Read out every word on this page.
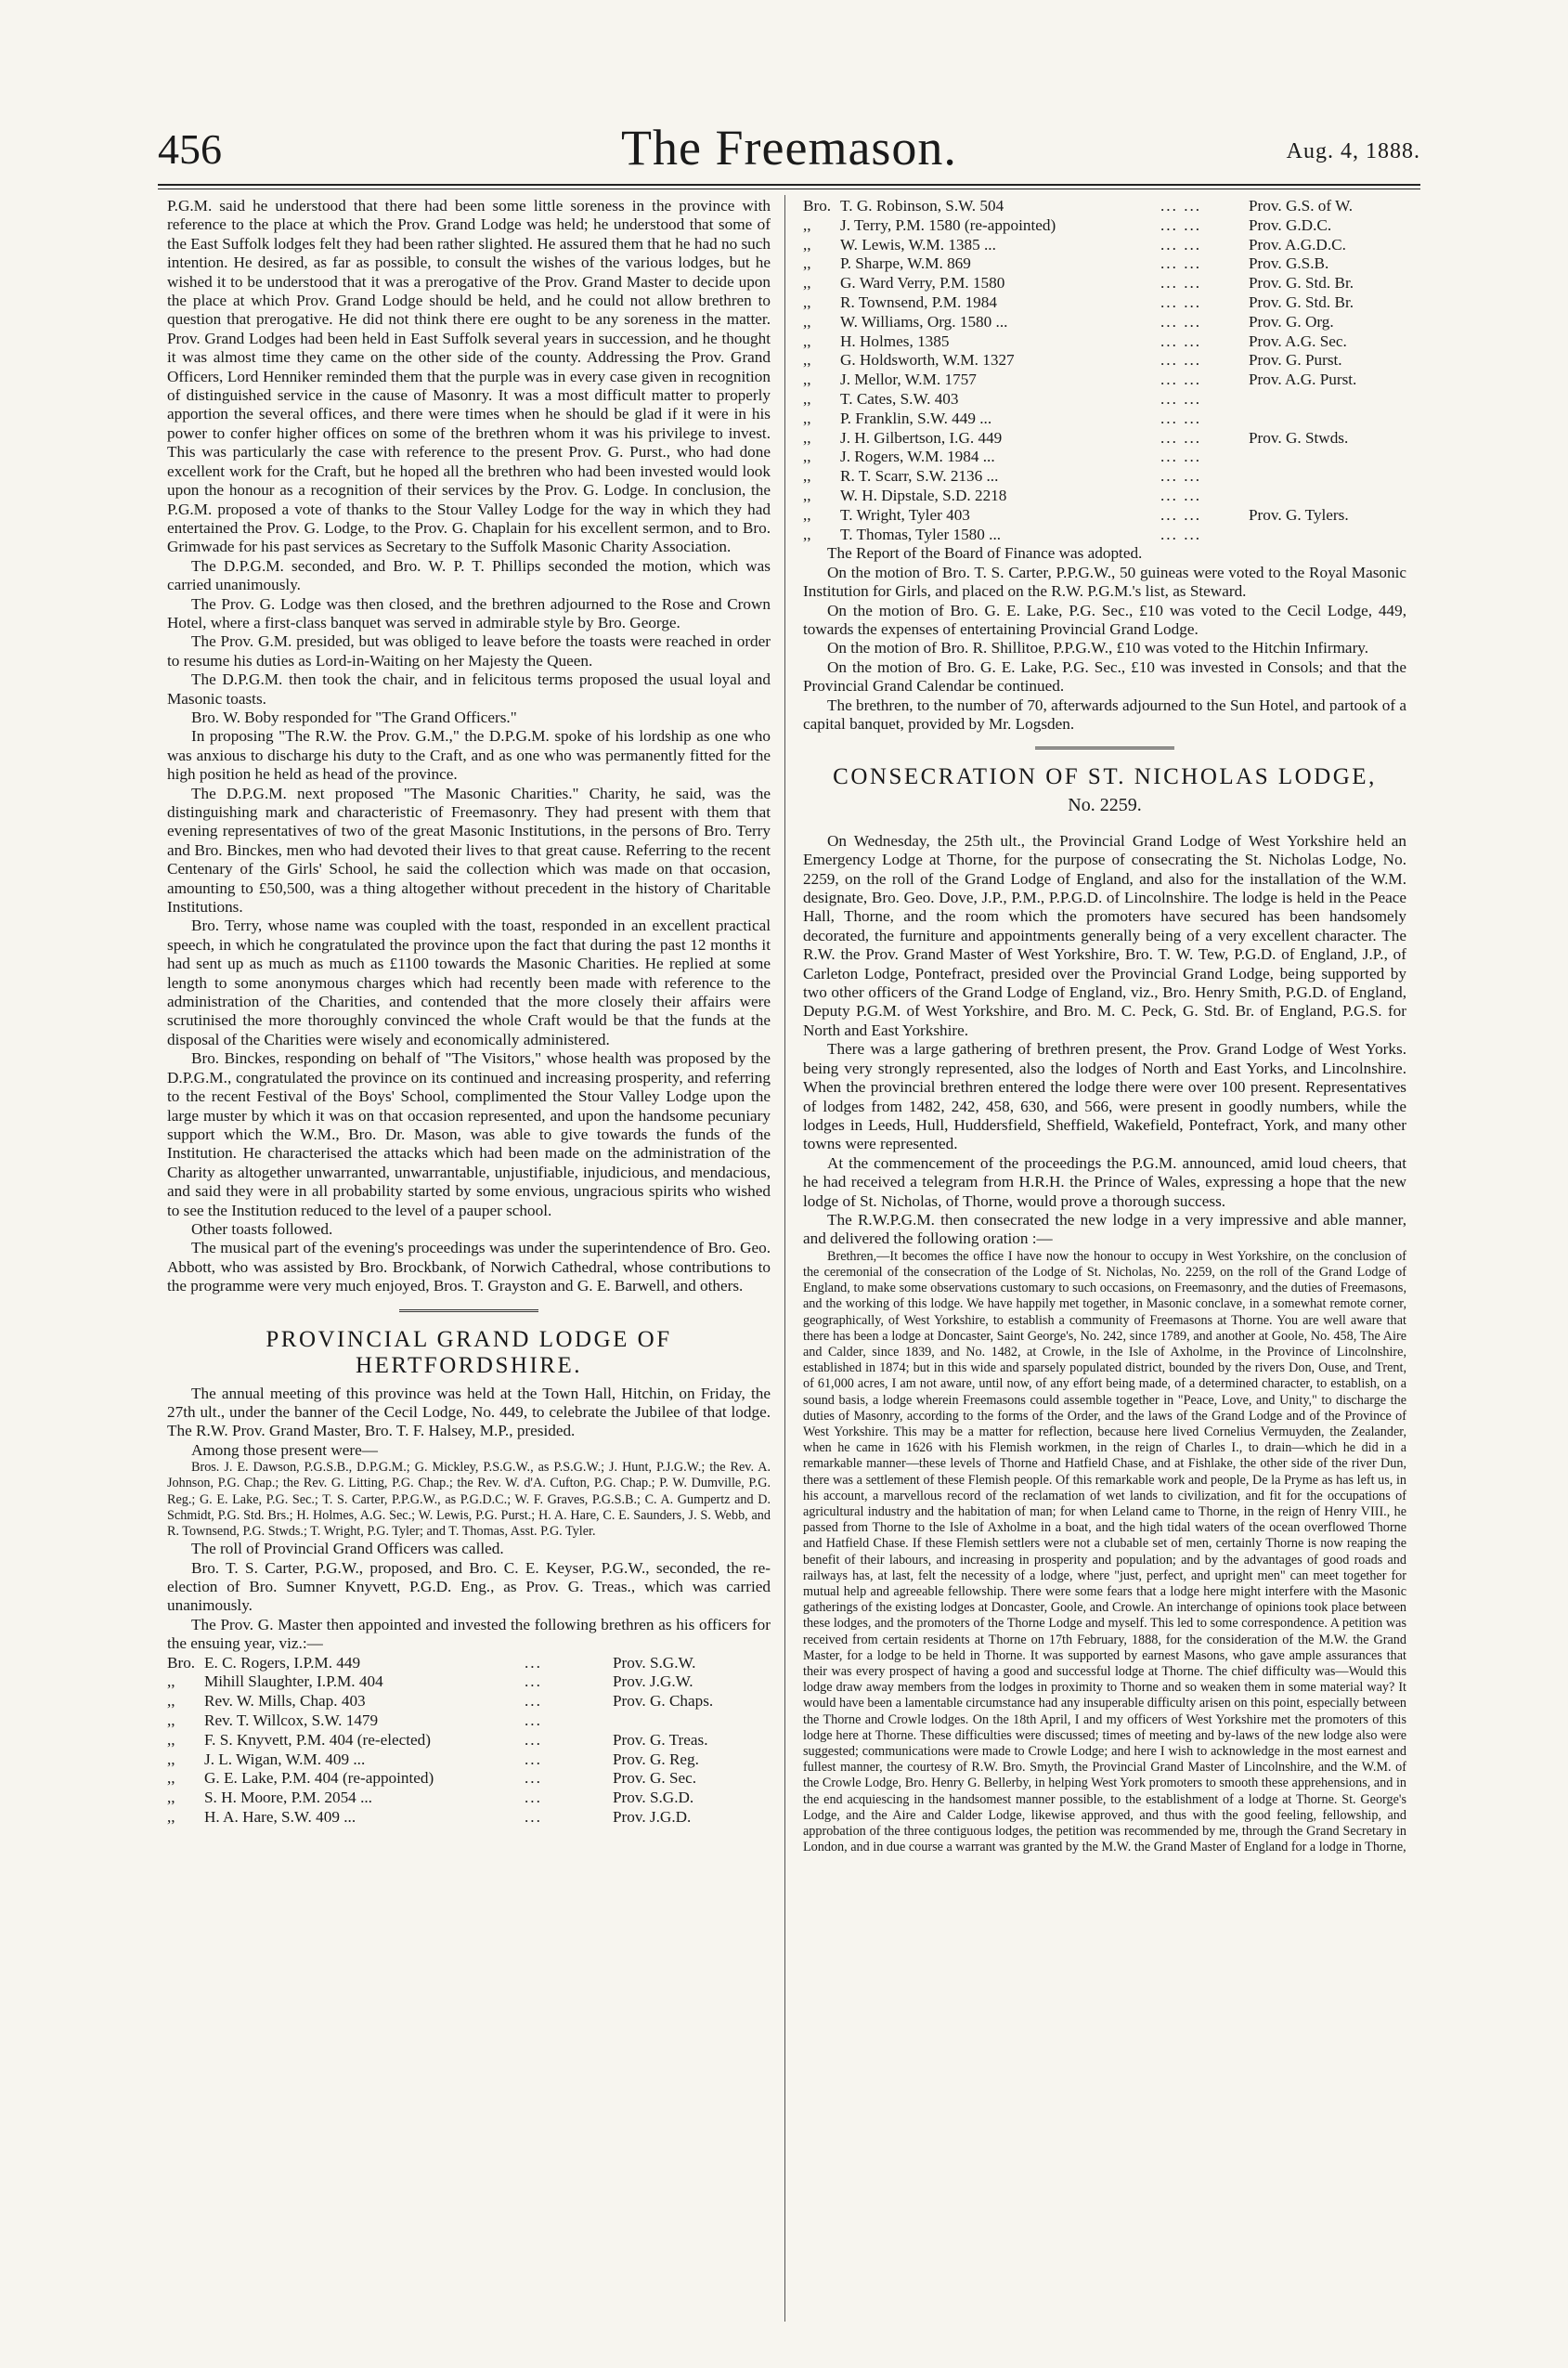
456	The Freemason.	Aug. 4, 1888.

P.G.M. said he understood that there had been some little soreness in the province with reference to the place at which the Prov. Grand Lodge was held; he understood that some of the East Suffolk lodges felt they had been rather slighted. He assured them that he had no such intention. He desired, as far as possible, to consult the wishes of the various lodges, but he wished it to be understood that it was a prerogative of the Prov. Grand Master to decide upon the place at which Prov. Grand Lodge should be held, and he could not allow brethren to question that prerogative. He did not think there ere ought to be any soreness in the matter. Prov. Grand Lodges had been held in East Suffolk several years in succession, and he thought it was almost time they came on the other side of the county. Addressing the Prov. Grand Officers, Lord Henniker reminded them that the purple was in every case given in recognition of distinguished service in the cause of Masonry. It was a most difficult matter to properly apportion the several offices, and there were times when he should be glad if it were in his power to confer higher offices on some of the brethren whom it was his privilege to invest. This was particularly the case with reference to the present Prov. G. Purst., who had done excellent work for the Craft, but he hoped all the brethren who had been invested would look upon the honour as a recognition of their services by the Prov. G. Lodge. In conclusion, the P.G.M. proposed a vote of thanks to the Stour Valley Lodge for the way in which they had entertained the Prov. G. Lodge, to the Prov. G. Chaplain for his excellent sermon, and to Bro. Grimwade for his past services as Secretary to the Suffolk Masonic Charity Association.

The D.P.G.M. seconded, and Bro. W. P. T. Phillips seconded the motion, which was carried unanimously.

The Prov. G. Lodge was then closed, and the brethren adjourned to the Rose and Crown Hotel, where a first-class banquet was served in admirable style by Bro. George.

The Prov. G.M. presided, but was obliged to leave before the toasts were reached in order to resume his duties as Lord-in-Waiting on her Majesty the Queen.

The D.P.G.M. then took the chair, and in felicitous terms proposed the usual loyal and Masonic toasts.

Bro. W. Boby responded for "The Grand Officers."

In proposing "The R.W. the Prov. G.M.," the D.P.G.M. spoke of his lordship as one who was anxious to discharge his duty to the Craft, and as one who was permanently fitted for the high position he held as head of the province.

The D.P.G.M. next proposed "The Masonic Charities." Charity, he said, was the distinguishing mark and characteristic of Freemasonry. They had present with them that evening representatives of two of the great Masonic Institutions, in the persons of Bro. Terry and Bro. Binckes, men who had devoted their lives to that great cause. Referring to the recent Centenary of the Girls' School, he said the collection which was made on that occasion, amounting to £50,500, was a thing altogether without precedent in the history of Charitable Institutions.

Bro. Terry, whose name was coupled with the toast, responded in an excellent practical speech, in which he congratulated the province upon the fact that during the past 12 months it had sent up as much as much as £1100 towards the Masonic Charities. He replied at some length to some anonymous charges which had recently been made with reference to the administration of the Charities, and contended that the more closely their affairs were scrutinised the more thoroughly convinced the whole Craft would be that the funds at the disposal of the Charities were wisely and economically administered.

Bro. Binckes, responding on behalf of "The Visitors," whose health was proposed by the D.P.G.M., congratulated the province on its continued and increasing prosperity, and referring to the recent Festival of the Boys' School, complimented the Stour Valley Lodge upon the large muster by which it was on that occasion represented, and upon the handsome pecuniary support which the W.M., Bro. Dr. Mason, was able to give towards the funds of the Institution. He characterised the attacks which had been made on the administration of the Charity as altogether unwarranted, unwarrantable, unjustifiable, injudicious, and mendacious, and said they were in all probability started by some envious, ungracious spirits who wished to see the Institution reduced to the level of a pauper school.

Other toasts followed.

The musical part of the evening's proceedings was under the superintendence of Bro. Geo. Abbott, who was assisted by Bro. Brockbank, of Norwich Cathedral, whose contributions to the programme were very much enjoyed, Bros. T. Grayston and G. E. Barwell, and others.

PROVINCIAL GRAND LODGE OF HERTFORDSHIRE.

The annual meeting of this province was held at the Town Hall, Hitchin, on Friday, the 27th ult., under the banner of the Cecil Lodge, No. 449, to celebrate the Jubilee of that lodge. The R.W. Prov. Grand Master, Bro. T. F. Halsey, M.P., presided.

Among those present were—

Bros. J. E. Dawson, P.G.S.B., D.P.G.M.; G. Mickley, P.S.G.W., as P.S.G.W.; J. Hunt, P.J.G.W.; the Rev. A. Johnson, P.G. Chap.; the Rev. G. Litting, P.G. Chap.; the Rev. W. d'A. Cufton, P.G. Chap.; P. W. Dumville, P.G. Reg.; G. E. Lake, P.G. Sec.; T. S. Carter, P.P.G.W., as P.G.D.C.; W. F. Graves, P.G.S.B.; C. A. Gumpertz and D. Schmidt, P.G. Std. Brs.; H. Holmes, A.G. Sec.; W. Lewis, P.G. Purst.; H. A. Hare, C. E. Saunders, J. S. Webb, and R. Townsend, P.G. Stwds.; T. Wright, P.G. Tyler; and T. Thomas, Asst. P.G. Tyler.

The roll of Provincial Grand Officers was called.

Bro. T. S. Carter, P.G.W., proposed, and Bro. C. E. Keyser, P.G.W., seconded, the re-election of Bro. Sumner Knyvett, P.G.D. Eng., as Prov. G. Treas., which was carried unanimously.

The Prov. G. Master then appointed and invested the following brethren as his officers for the ensuing year, viz.:—

Bro.	E. C. Rogers, I.P.M. 449	...	Prov. S.G.W.
,,	Mihill Slaughter, I.P.M. 404	...	Prov. J.G.W.
,,	Rev. W. Mills, Chap. 403	...	Prov. G. Chaps.
,,	Rev. T. Willcox, S.W. 1479	...	
,,	F. S. Knyvett, P.M. 404 (re-elected)	...	Prov. G. Treas.
,,	J. L. Wigan, W.M. 409 ...	...	Prov. G. Reg.
,,	G. E. Lake, P.M. 404 (re-appointed)	...	Prov. G. Sec.
,,	S. H. Moore, P.M. 2054 ...	...	Prov. S.G.D.
,,	H. A. Hare, S.W. 409 ...	...	Prov. J.G.D.
Bro.	T. G. Robinson, S.W. 504	... ...	Prov. G.S. of W.
,,	J. Terry, P.M. 1580 (re-appointed)	... ...	Prov. G.D.C.
,,	W. Lewis, W.M. 1385 ...	... ...	Prov. A.G.D.C.
,,	P. Sharpe, W.M. 869	... ...	Prov. G.S.B.
,,	G. Ward Verry, P.M. 1580	... ...	Prov. G. Std. Br.
,,	R. Townsend, P.M. 1984	... ...	Prov. G. Std. Br.
,,	W. Williams, Org. 1580 ...	... ...	Prov. G. Org.
,,	H. Holmes, 1385	... ...	Prov. A.G. Sec.
,,	G. Holdsworth, W.M. 1327	... ...	Prov. G. Purst.
,,	J. Mellor, W.M. 1757	... ...	Prov. A.G. Purst.
,,	T. Cates, S.W. 403	... ...	
,,	P. Franklin, S.W. 449 ...	... ...	
,,	J. H. Gilbertson, I.G. 449	... ...	Prov. G. Stwds.
,,	J. Rogers, W.M. 1984 ...	... ...	
,,	R. T. Scarr, S.W. 2136 ...	... ...	
,,	W. H. Dipstale, S.D. 2218	... ...	
,,	T. Wright, Tyler 403	... ...	Prov. G. Tylers.
,,	T. Thomas, Tyler 1580 ...	... ...	

The Report of the Board of Finance was adopted.

On the motion of Bro. T. S. Carter, P.P.G.W., 50 guineas were voted to the Royal Masonic Institution for Girls, and placed on the R.W. P.G.M.'s list, as Steward.

On the motion of Bro. G. E. Lake, P.G. Sec., £10 was voted to the Cecil Lodge, 449, towards the expenses of entertaining Provincial Grand Lodge.

On the motion of Bro. R. Shillitoe, P.P.G.W., £10 was voted to the Hitchin Infirmary.

On the motion of Bro. G. E. Lake, P.G. Sec., £10 was invested in Consols; and that the Provincial Grand Calendar be continued.

The brethren, to the number of 70, afterwards adjourned to the Sun Hotel, and partook of a capital banquet, provided by Mr. Logsden.

CONSECRATION OF ST. NICHOLAS LODGE,
No. 2259.

On Wednesday, the 25th ult., the Provincial Grand Lodge of West Yorkshire held an Emergency Lodge at Thorne, for the purpose of consecrating the St. Nicholas Lodge, No. 2259, on the roll of the Grand Lodge of England, and also for the installation of the W.M. designate, Bro. Geo. Dove, J.P., P.M., P.P.G.D. of Lincolnshire. The lodge is held in the Peace Hall, Thorne, and the room which the promoters have secured has been handsomely decorated, the furniture and appointments generally being of a very excellent character. The R.W. the Prov. Grand Master of West Yorkshire, Bro. T. W. Tew, P.G.D. of England, J.P., of Carleton Lodge, Pontefract, presided over the Provincial Grand Lodge, being supported by two other officers of the Grand Lodge of England, viz., Bro. Henry Smith, P.G.D. of England, Deputy P.G.M. of West Yorkshire, and Bro. M. C. Peck, G. Std. Br. of England, P.G.S. for North and East Yorkshire.

There was a large gathering of brethren present, the Prov. Grand Lodge of West Yorks. being very strongly represented, also the lodges of North and East Yorks, and Lincolnshire. When the provincial brethren entered the lodge there were over 100 present. Representatives of lodges from 1482, 242, 458, 630, and 566, were present in goodly numbers, while the lodges in Leeds, Hull, Huddersfield, Sheffield, Wakefield, Pontefract, York, and many other towns were represented.

At the commencement of the proceedings the P.G.M. announced, amid loud cheers, that he had received a telegram from H.R.H. the Prince of Wales, expressing a hope that the new lodge of St. Nicholas, of Thorne, would prove a thorough success.

The R.W.P.G.M. then consecrated the new lodge in a very impressive and able manner, and delivered the following oration :—

Brethren,—It becomes the office I have now the honour to occupy in West Yorkshire, on the conclusion of the ceremonial of the consecration of the Lodge of St. Nicholas, No. 2259, on the roll of the Grand Lodge of England, to make some observations customary to such occasions, on Freemasonry, and the duties of Freemasons, and the working of this lodge. We have happily met together, in Masonic conclave, in a somewhat remote corner, geographically, of West Yorkshire, to establish a community of Freemasons at Thorne. You are well aware that there has been a lodge at Doncaster, Saint George's, No. 242, since 1789, and another at Goole, No. 458, The Aire and Calder, since 1839, and No. 1482, at Crowle, in the Isle of Axholme, in the Province of Lincolnshire, established in 1874; but in this wide and sparsely populated district, bounded by the rivers Don, Ouse, and Trent, of 61,000 acres, I am not aware, until now, of any effort being made, of a determined character, to establish, on a sound basis, a lodge wherein Freemasons could assemble together in "Peace, Love, and Unity," to discharge the duties of Masonry, according to the forms of the Order, and the laws of the Grand Lodge and of the Province of West Yorkshire. This may be a matter for reflection, because here lived Cornelius Vermuyden, the Zealander, when he came in 1626 with his Flemish workmen, in the reign of Charles I., to drain—which he did in a remarkable manner—these levels of Thorne and Hatfield Chase, and at Fishlake, the other side of the river Dun, there was a settlement of these Flemish people. Of this remarkable work and people, De la Pryme as has left us, in his account, a marvellous record of the reclamation of wet lands to civilization, and fit for the occupations of agricultural industry and the habitation of man; for when Leland came to Thorne, in the reign of Henry VIII., he passed from Thorne to the Isle of Axholme in a boat, and the high tidal waters of the ocean overflowed Thorne and Hatfield Chase. If these Flemish settlers were not a clubable set of men, certainly Thorne is now reaping the benefit of their labours, and increasing in prosperity and population; and by the advantages of good roads and railways has, at last, felt the necessity of a lodge, where "just, perfect, and upright men" can meet together for mutual help and agreeable fellowship. There were some fears that a lodge here might interfere with the Masonic gatherings of the existing lodges at Doncaster, Goole, and Crowle. An interchange of opinions took place between these lodges, and the promoters of the Thorne Lodge and myself. This led to some correspondence. A petition was received from certain residents at Thorne on 17th February, 1888, for the consideration of the M.W. the Grand Master, for a lodge to be held in Thorne. It was supported by earnest Masons, who gave ample assurances that their was every prospect of having a good and successful lodge at Thorne. The chief difficulty was—Would this lodge draw away members from the lodges in proximity to Thorne and so weaken them in some material way? It would have been a lamentable circumstance had any insuperable difficulty arisen on this point, especially between the Thorne and Crowle lodges. On the 18th April, I and my officers of West Yorkshire met the promoters of this lodge here at Thorne. These difficulties were discussed; times of meeting and by-laws of the new lodge also were suggested; communications were made to Crowle Lodge; and here I wish to acknowledge in the most earnest and fullest manner, the courtesy of R.W. Bro. Smyth, the Provincial Grand Master of Lincolnshire, and the W.M. of the Crowle Lodge, Bro. Henry G. Bellerby, in helping West York promoters to smooth these apprehensions, and in the end acquiescing in the handsomest manner possible, to the establishment of a lodge at Thorne. St. George's Lodge, and the Aire and Calder Lodge, likewise approved, and thus with the good feeling, fellowship, and approbation of the three contiguous lodges, the petition was recommended by me, through the Grand Secretary in London, and in due course a warrant was granted by the M.W. the Grand Master of England for a lodge in Thorne,
